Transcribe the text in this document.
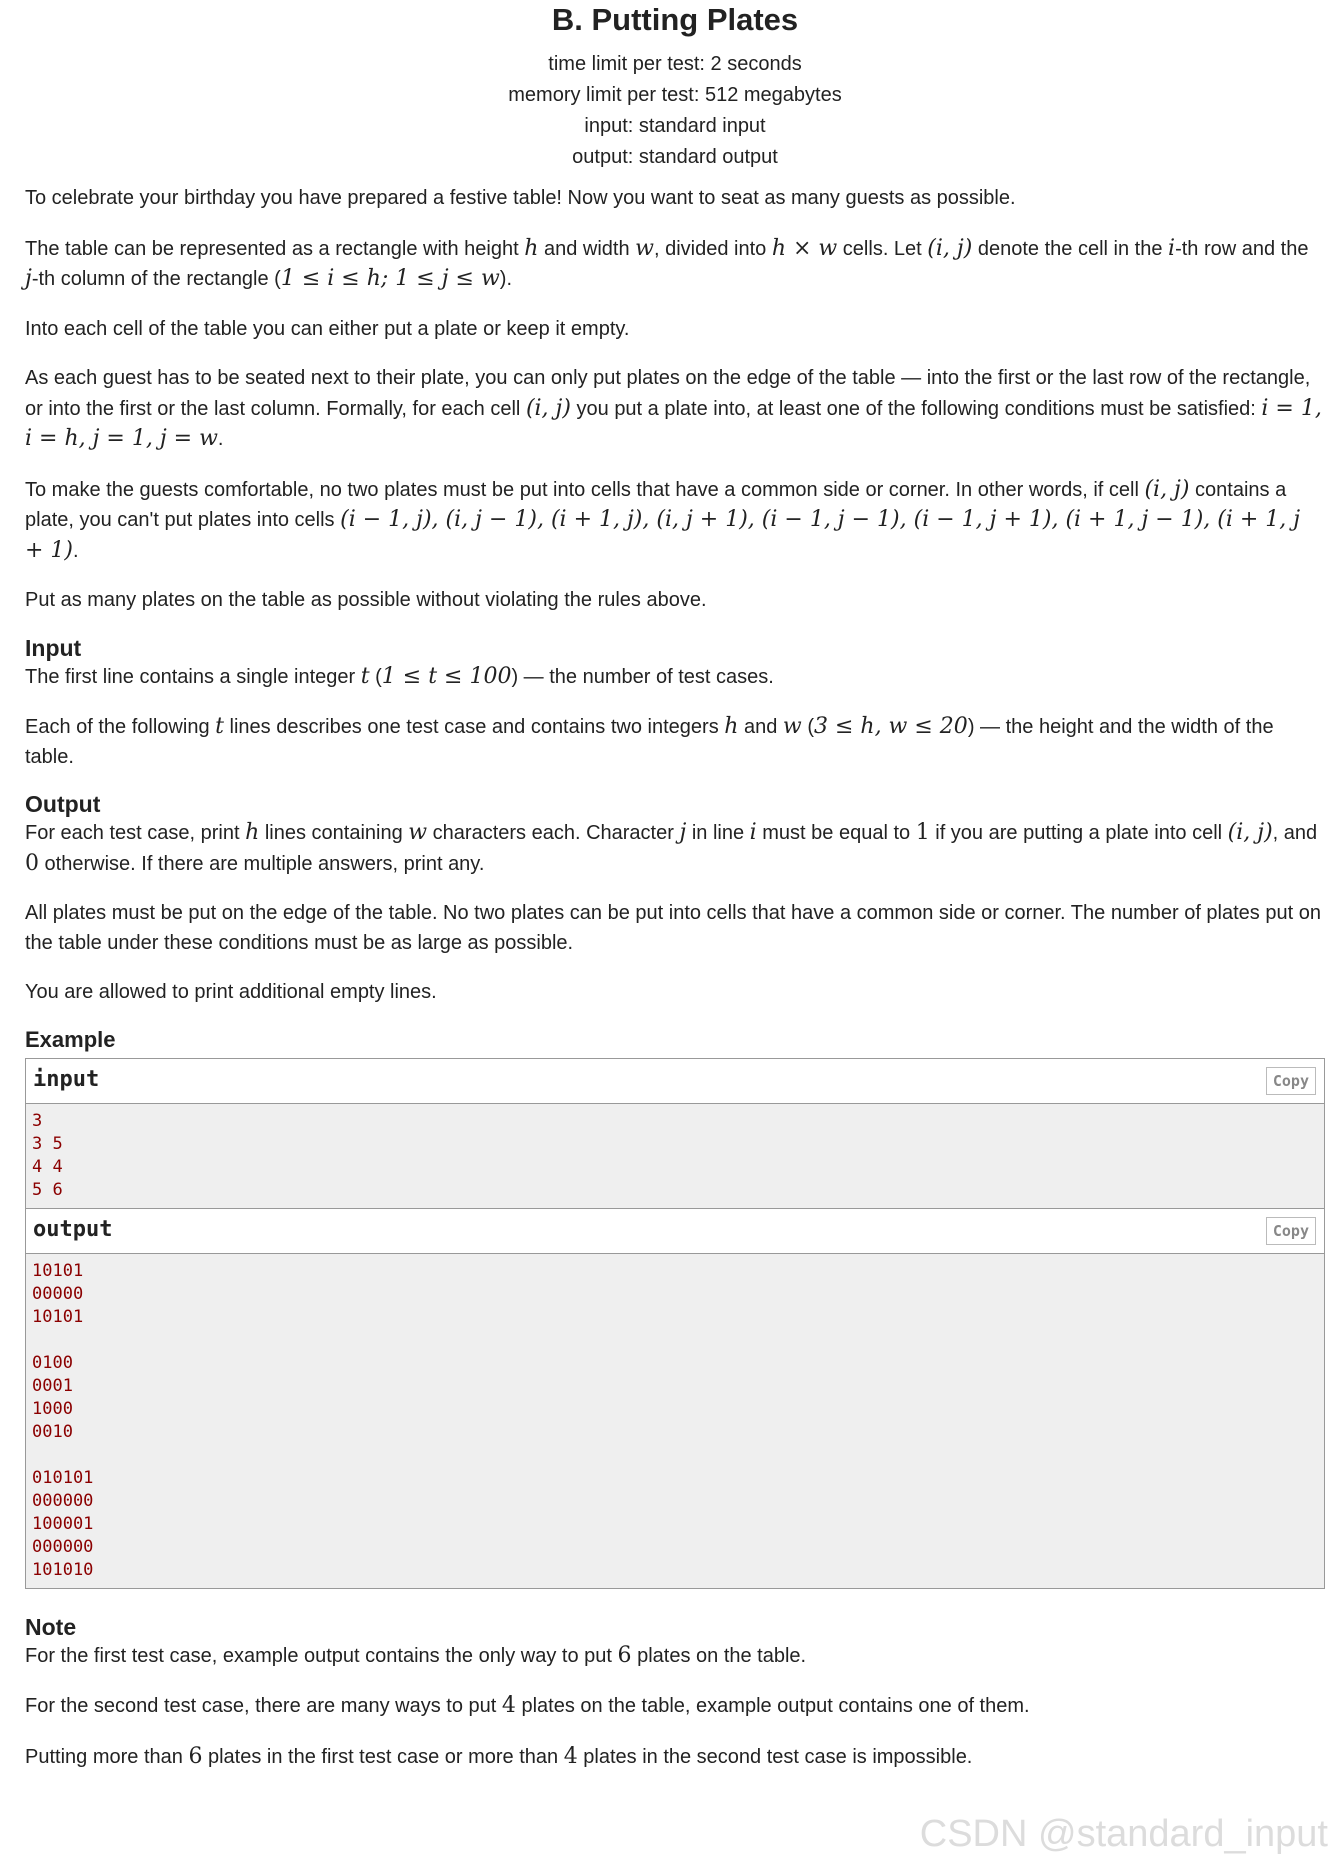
B. Putting Plates
time limit per test: 2 seconds
memory limit per test: 512 megabytes
input: standard input
output: standard output

To celebrate your birthday you have prepared a festive table! Now you want to seat as many guests as possible.

The table can be represented as a rectangle with height h and width w, divided into h × w cells. Let (i, j) denote the cell in the i-th row and the j-th column of the rectangle (1 ≤ i ≤ h; 1 ≤ j ≤ w).

Into each cell of the table you can either put a plate or keep it empty.

As each guest has to be seated next to their plate, you can only put plates on the edge of the table — into the first or the last row of the rectangle, or into the first or the last column. Formally, for each cell (i, j) you put a plate into, at least one of the following conditions must be satisfied: i = 1, i = h, j = 1, j = w.

To make the guests comfortable, no two plates must be put into cells that have a common side or corner. In other words, if cell (i, j) contains a plate, you can't put plates into cells (i − 1, j), (i, j − 1), (i + 1, j), (i, j + 1), (i − 1, j − 1), (i − 1, j + 1), (i + 1, j − 1), (i + 1, j + 1).

Put as many plates on the table as possible without violating the rules above.

Input

The first line contains a single integer t (1 ≤ t ≤ 100) — the number of test cases.

Each of the following t lines describes one test case and contains two integers h and w (3 ≤ h, w ≤ 20) — the height and the width of the table.

Output

For each test case, print h lines containing w characters each. Character j in line i must be equal to 1 if you are putting a plate into cell (i, j), and 0 otherwise. If there are multiple answers, print any.

All plates must be put on the edge of the table. No two plates can be put into cells that have a common side or corner. The number of plates put on the table under these conditions must be as large as possible.

You are allowed to print additional empty lines.

Example
input	Copy
3
3 5
4 4
5 6
output	Copy
10101
00000
10101
0100
0001
1000
0010
010101
000000
100001
000000
101010
Note

For the first test case, example output contains the only way to put 6 plates on the table.

For the second test case, there are many ways to put 4 plates on the table, example output contains one of them.

Putting more than 6 plates in the first test case or more than 4 plates in the second test case is impossible.

CSDN @standard_input
